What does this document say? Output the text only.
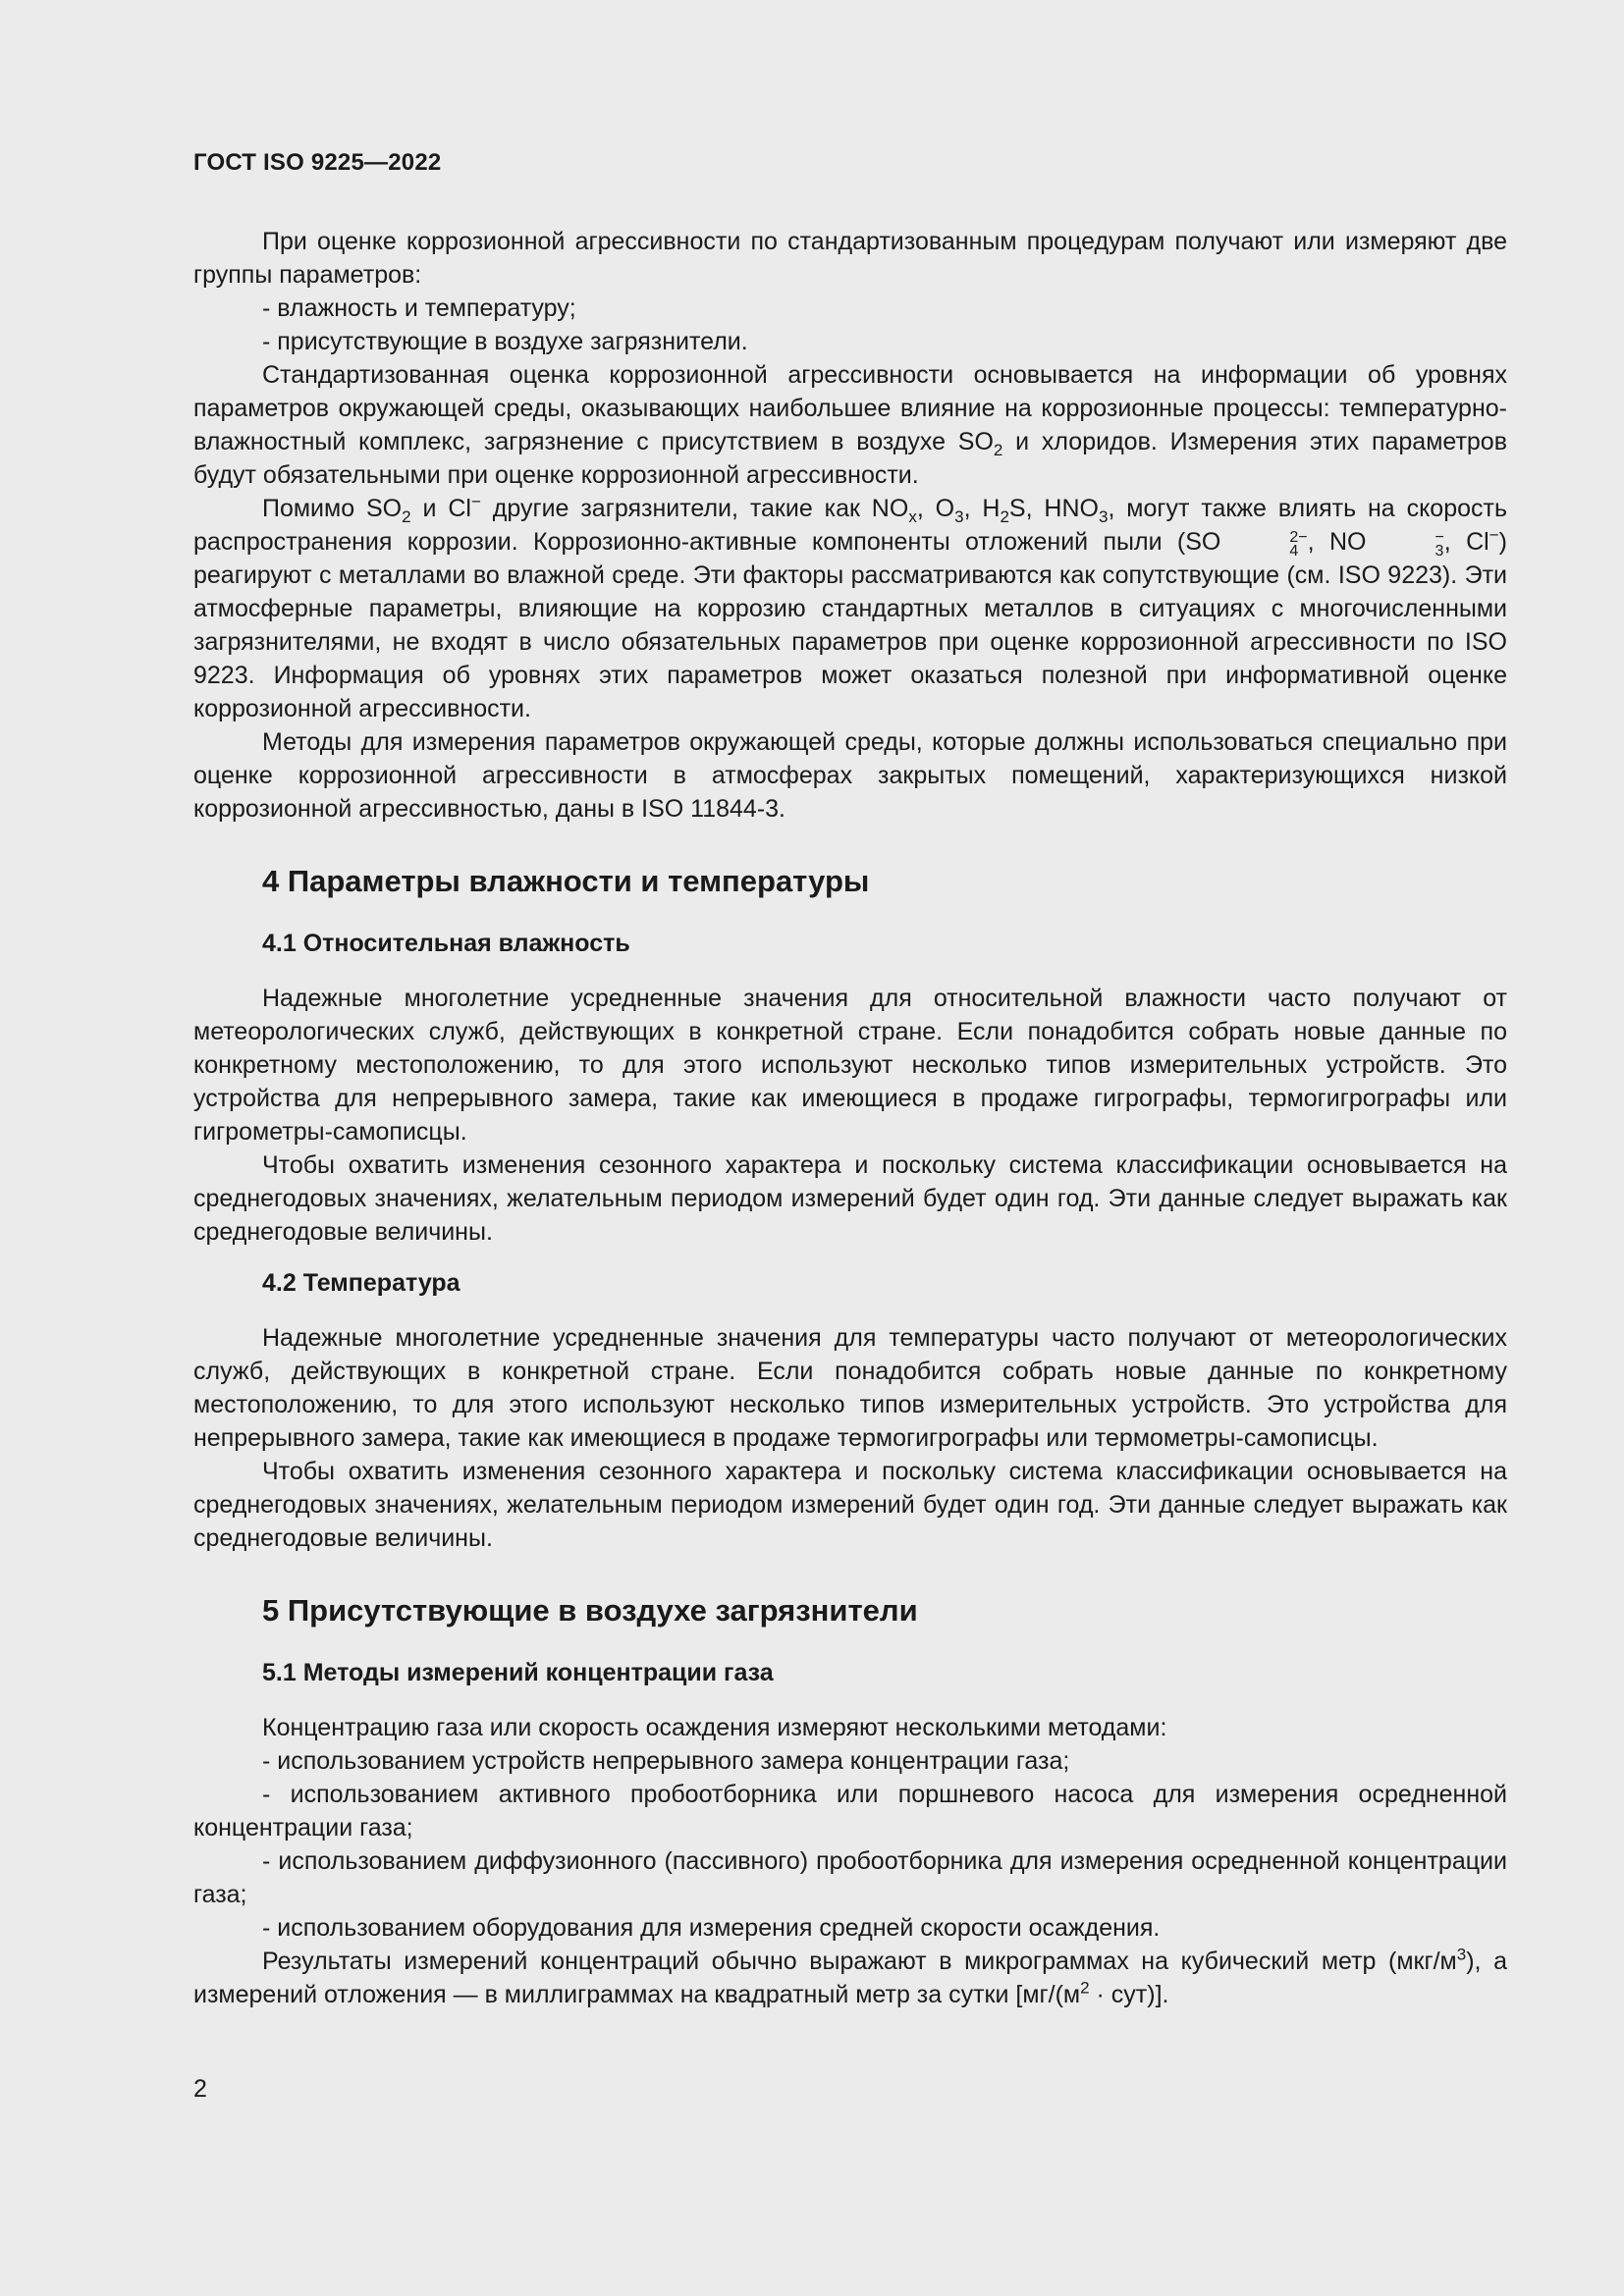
ГОСТ ISO 9225—2022

При оценке коррозионной агрессивности по стандартизованным процедурам получают или измеряют две группы параметров:

- влажность и температуру;

- присутствующие в воздухе загрязнители.

Стандартизованная оценка коррозионной агрессивности основывается на информации об уровнях параметров окружающей среды, оказывающих наибольшее влияние на коррозионные процессы: температурно-влажностный комплекс, загрязнение с присутствием в воздухе $SO_2$ и хлоридов. Измерения этих параметров будут обязательными при оценке коррозионной агрессивности.

Помимо $SO_2$ и Cl− другие загрязнители, такие как $NO_x$, $O_3$, $H_2S$, $HNO_3$, могут также влиять на скорость распространения коррозии. Коррозионно-активные компоненты отложений пыли (SO	2−
4 , NO	−
3 , Cl−) реагируют с металлами во влажной среде. Эти факторы рассматриваются как сопутствующие (см. ISO 9223). Эти атмосферные параметры, влияющие на коррозию стандартных металлов в ситуациях с многочисленными загрязнителями, не входят в число обязательных параметров при оценке коррозионной агрессивности по ISO 9223. Информация об уровнях этих параметров может оказаться полезной при информативной оценке коррозионной агрессивности.

Методы для измерения параметров окружающей среды, которые должны использоваться специально при оценке коррозионной агрессивности в атмосферах закрытых помещений, характеризующихся низкой коррозионной агрессивностью, даны в ISO 11844-3.

4 Параметры влажности и температуры
4.1 Относительная влажность

Надежные многолетние усредненные значения для относительной влажности часто получают от метеорологических служб, действующих в конкретной стране. Если понадобится собрать новые данные по конкретному местоположению, то для этого используют несколько типов измерительных устройств. Это устройства для непрерывного замера, такие как имеющиеся в продаже гигрографы, термогигрографы или гигрометры-самописцы.

Чтобы охватить изменения сезонного характера и поскольку система классификации основывается на среднегодовых значениях, желательным периодом измерений будет один год. Эти данные следует выражать как среднегодовые величины.

4.2 Температура

Надежные многолетние усредненные значения для температуры часто получают от метеорологических служб, действующих в конкретной стране. Если понадобится собрать новые данные по конкретному местоположению, то для этого используют несколько типов измерительных устройств. Это устройства для непрерывного замера, такие как имеющиеся в продаже термогигрографы или термометры-самописцы.

Чтобы охватить изменения сезонного характера и поскольку система классификации основывается на среднегодовых значениях, желательным периодом измерений будет один год. Эти данные следует выражать как среднегодовые величины.

5 Присутствующие в воздухе загрязнители
5.1 Методы измерений концентрации газа

Концентрацию газа или скорость осаждения измеряют несколькими методами:

- использованием устройств непрерывного замера концентрации газа;

- использованием активного пробоотборника или поршневого насоса для измерения осредненной концентрации газа;

- использованием диффузионного (пассивного) пробоотборника для измерения осредненной концентрации газа;

- использованием оборудования для измерения средней скорости осаждения.

Результаты измерений концентраций обычно выражают в микрограммах на кубический метр $(мкг/м^3)$, а измерений отложения — в миллиграммах на квадратный метр за сутки $[мг/(м^2 \cdot сут)]$.

2
